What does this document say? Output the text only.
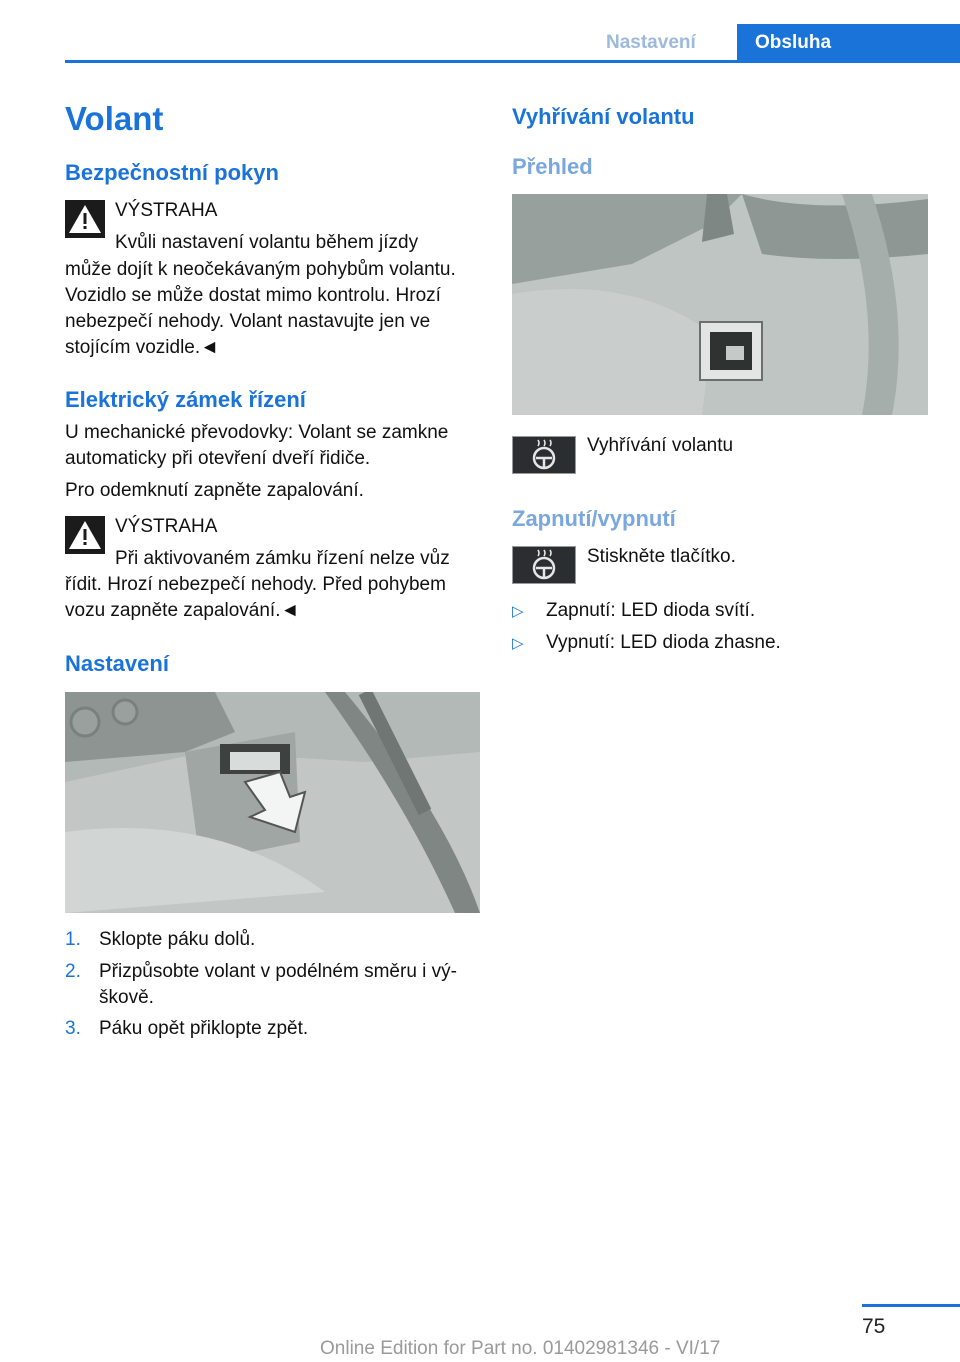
Nastavení	Obsluha
Volant
Bezpečnostní pokyn
VÝSTRAHA
Kvůli nastavení volantu během jízdy
může dojít k neočekávaným pohybům volantu.
Vozidlo se může dostat mimo kontrolu. Hrozí
nebezpečí nehody. Volant nastavujte jen ve
stojícím vozidle.◄
Elektrický zámek řízení
U mechanické převodovky: Volant se zamkne
automaticky při otevření dveří řidiče.
Pro odemknutí zapněte zapalování.
VÝSTRAHA
Při aktivovaném zámku řízení nelze vůz
řídit. Hrozí nebezpečí nehody. Před pohybem
vozu zapněte zapalování.◄
Nastavení
1. Sklopte páku dolů.
2. Přizpůsobte volant v podélném směru i vý-
škově.
3. Páku opět přiklopte zpět.
Vyhřívání volantu
Přehled
Vyhřívání volantu
Zapnutí/vypnutí
Stiskněte tlačítko.
▷ Zapnutí: LED dioda svítí.
▷ Vypnutí: LED dioda zhasne.
75
Online Edition for Part no. 01402981346 - VI/17
